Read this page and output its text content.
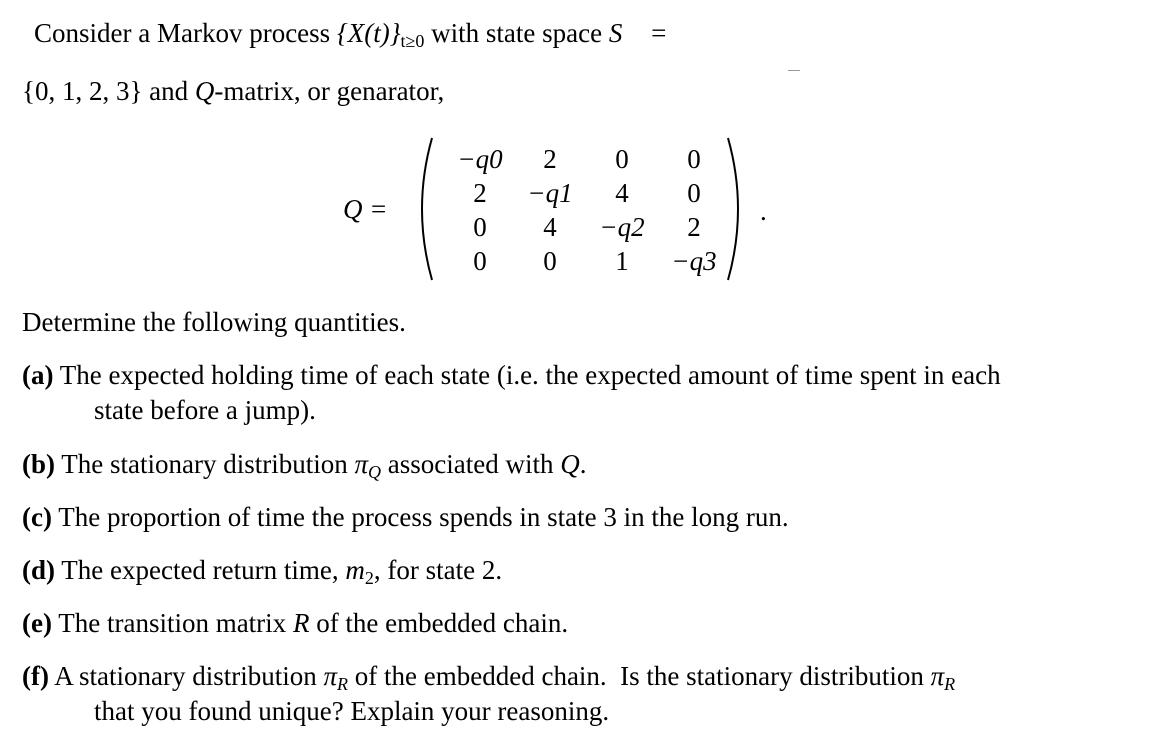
Consider a Markov process $\{X(t)\}_{t\ge 0}$ with state space S =
{0, 1, 2, 3} and Q-matrix, or genarator,
Q =
−q0	2	0	0
2	−q1	4	0
0	4	−q2	2
0	0	1	−q3
.
Determine the following quantities.
(a) The expected holding time of each state (i.e. the expected amount of time spent in each
state before a jump).
(b) The stationary distribution $\pi_Q$ associated with Q.
(c) The proportion of time the process spends in state 3 in the long run.
(d) The expected return time, $m_2$, for state 2.
(e) The transition matrix R of the embedded chain.
(f) A stationary distribution $\pi_R$ of the embedded chain.  Is the stationary distribution $\pi_R$
that you found unique? Explain your reasoning.
